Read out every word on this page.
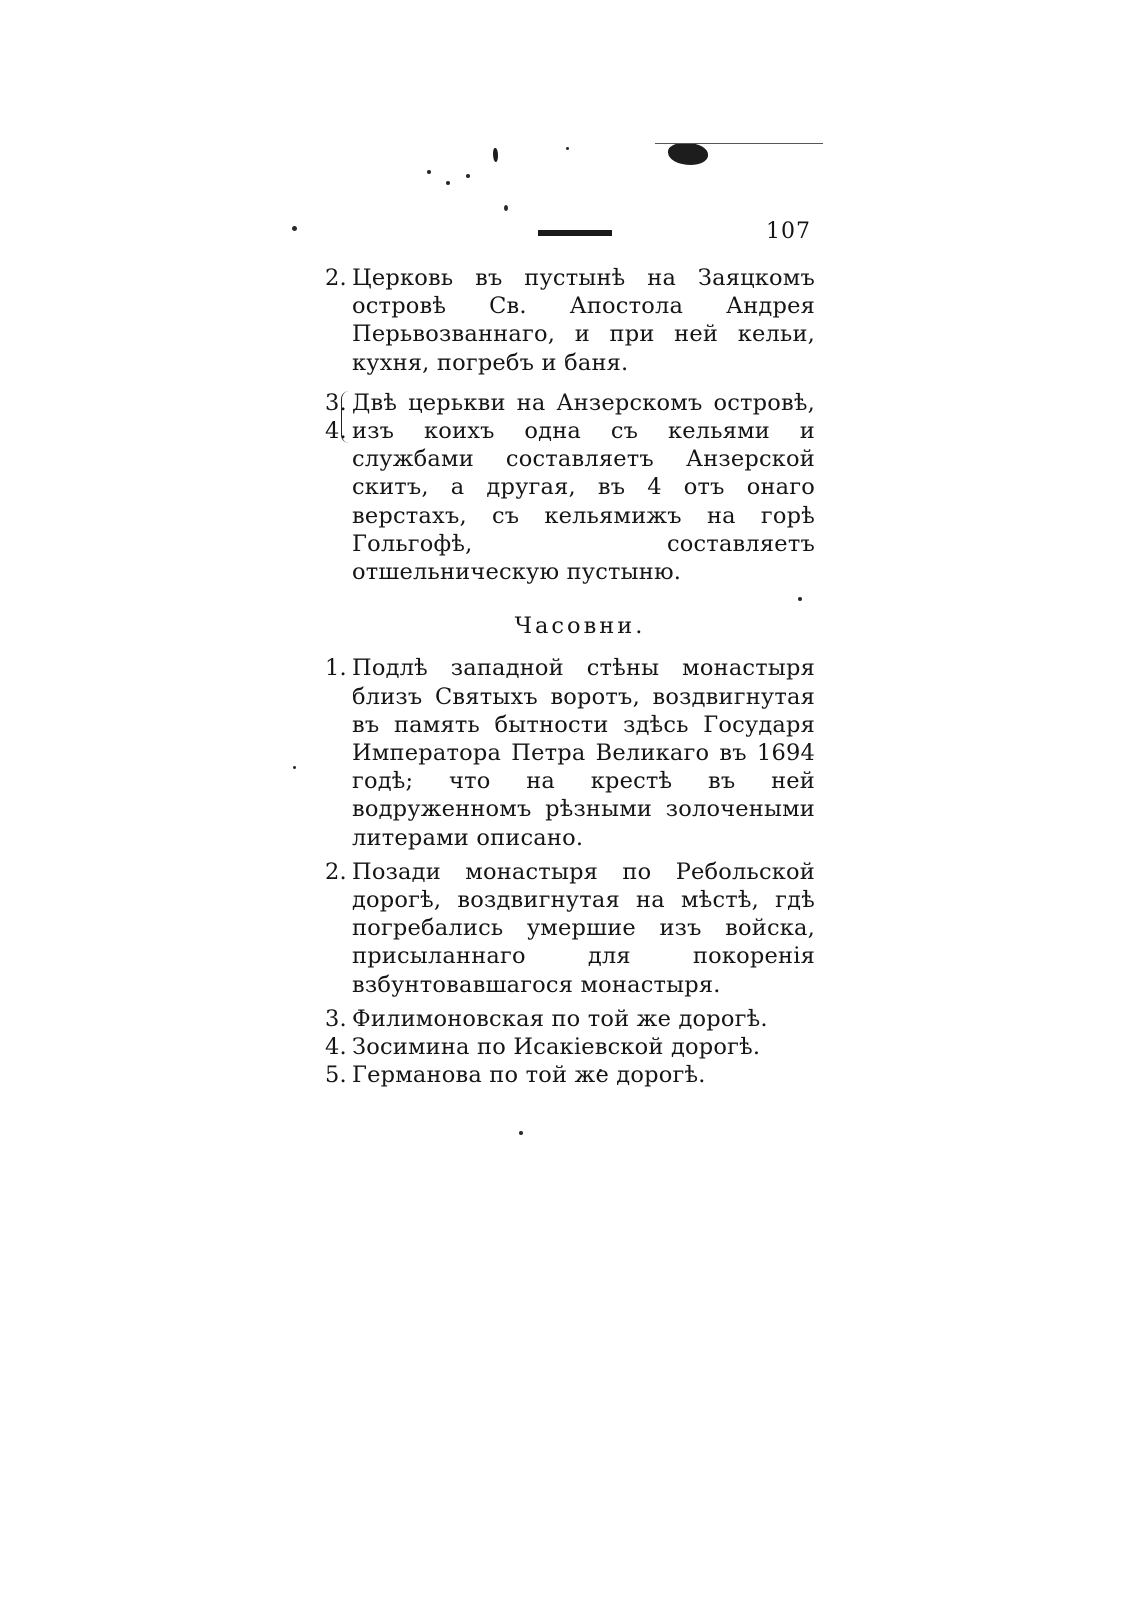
107
2. Церковь въ пустынѣ на Заяцкомъ островѣ Св. Апостола Андрея Перьвозваннаго, и при ней кельи, кухня, погребъ и баня.
3.
4.
Двѣ церькви на Анзерскомъ островѣ, изъ коихъ одна съ кельями и службами составляетъ Анзерской скитъ, а другая, въ 4 отъ онаго верстахъ, съ кельямижъ на горѣ Гольгофѣ, составляетъ отшельническую пустыню.
Часовни.
1. Подлѣ западной стѣны монастыря близъ Святыхъ воротъ, воздвигнутая въ память бытности здѣсь Государя Императора Петра Великаго въ 1694 годѣ; что на крестѣ въ ней водруженномъ рѣзными золочеными литерами описано.
2. Позади монастыря по Ребольской дорогѣ, воздвигнутая на мѣстѣ, гдѣ погребались умершие изъ войска, присыланнаго для покоренія взбунтовавшагося монастыря.
3. Филимоновская по той же дорогѣ.
4. Зосимина по Исакіевской дорогѣ.
5. Германова по той же дорогѣ.
